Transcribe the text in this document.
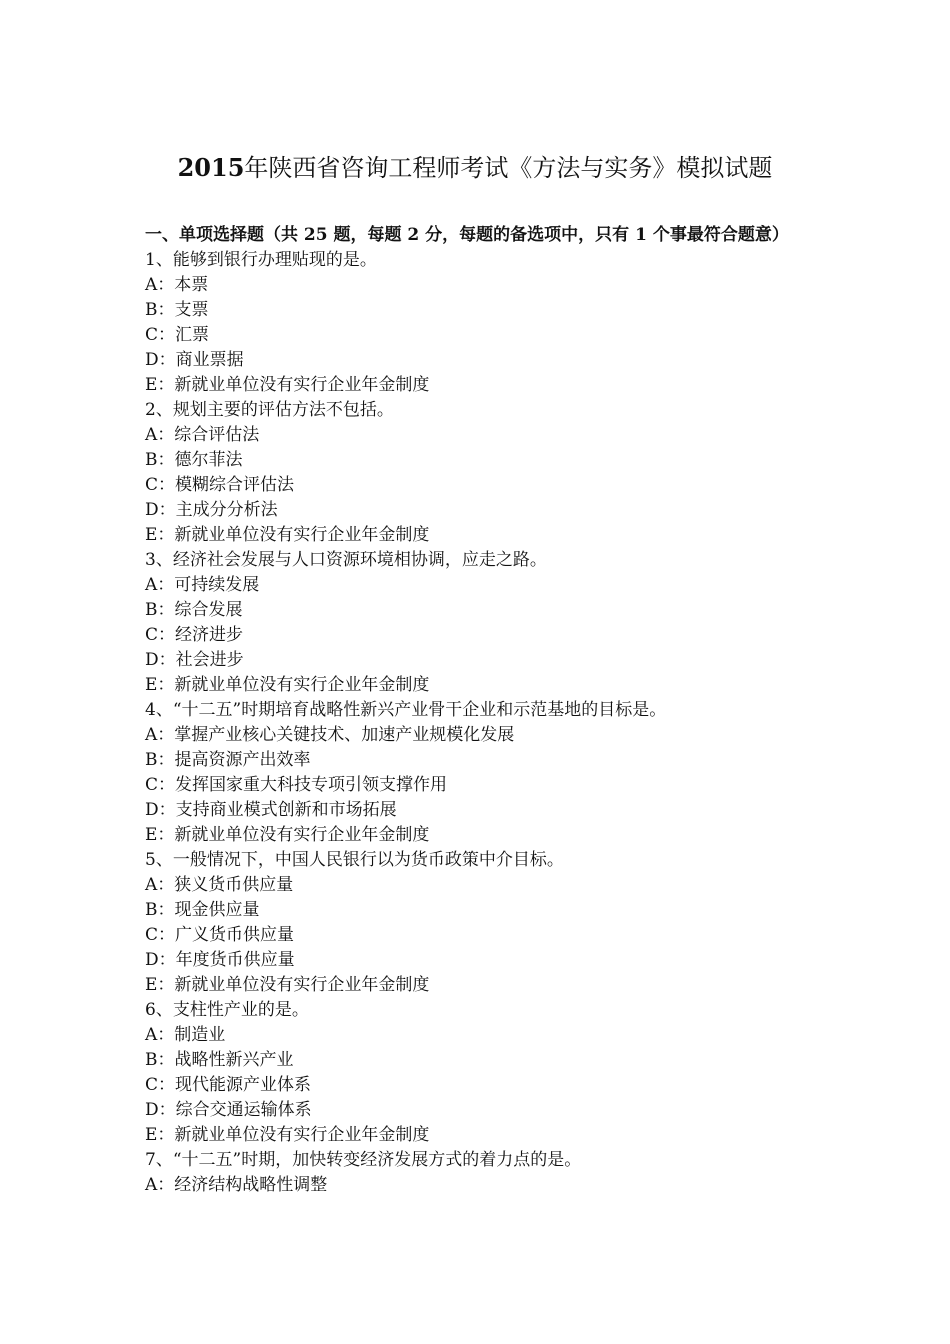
2015年陕西省咨询工程师考试《方法与实务》模拟试题
一、单项选择题（共 25 题，每题 2 分，每题的备选项中，只有 1 个事最符合题意）
1、能够到银行办理贴现的是。
A：本票
B：支票
C：汇票
D：商业票据
E：新就业单位没有实行企业年金制度
2、规划主要的评估方法不包括。
A：综合评估法
B：德尔菲法
C：模糊综合评估法
D：主成分分析法
E：新就业单位没有实行企业年金制度
3、经济社会发展与人口资源环境相协调，应走之路。
A：可持续发展
B：综合发展
C：经济进步
D：社会进步
E：新就业单位没有实行企业年金制度
4、“十二五”时期培育战略性新兴产业骨干企业和示范基地的目标是。
A：掌握产业核心关键技术、加速产业规模化发展
B：提高资源产出效率
C：发挥国家重大科技专项引领支撑作用
D：支持商业模式创新和市场拓展
E：新就业单位没有实行企业年金制度
5、一般情况下，中国人民银行以为货币政策中介目标。
A：狭义货币供应量
B：现金供应量
C：广义货币供应量
D：年度货币供应量
E：新就业单位没有实行企业年金制度
6、支柱性产业的是。
A：制造业
B：战略性新兴产业
C：现代能源产业体系
D：综合交通运输体系
E：新就业单位没有实行企业年金制度
7、“十二五”时期，加快转变经济发展方式的着力点的是。
A：经济结构战略性调整
